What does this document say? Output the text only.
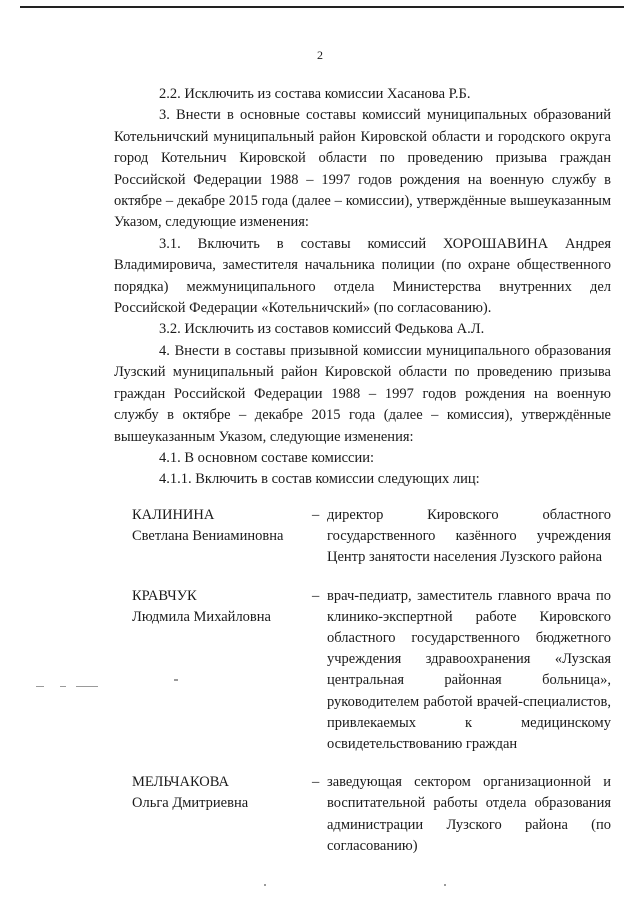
2

2.2. Исключить из состава комиссии Хасанова Р.Б.

3. Внести в основные составы комиссий муниципальных образований Котельничский муниципальный район Кировской области и городского округа город Котельнич Кировской области по проведению призыва граждан Российской Федерации 1988 – 1997 годов рождения на военную службу в октябре – декабре 2015 года (далее – комиссии), утверждённые вышеуказанным Указом, следующие изменения:

3.1. Включить в составы комиссий ХОРОШАВИНА Андрея Владимировича, заместителя начальника полиции (по охране общественного порядка) межмуниципального отдела Министерства внутренних дел Российской Федерации «Котельничский» (по согласованию).

3.2. Исключить из составов комиссий Федькова А.Л.

4. Внести в составы призывной комиссии муниципального образования Лузский муниципальный район Кировской области по проведению призыва граждан Российской Федерации 1988 – 1997 годов рождения на военную службу в октябре – декабре 2015 года (далее – комиссия), утверждённые вышеуказанным Указом, следующие изменения:

4.1. В основном составе комиссии:

4.1.1. Включить в состав комиссии следующих лиц:

КАЛИНИНА
Светлана Вениаминовна
– директор Кировского областного государственного казённого учреждения Центр занятости населения Лузского района
КРАВЧУК
Людмила Михайловна
– врач-педиатр, заместитель главного врача по клинико-экспертной работе Кировского областного государственного бюджетного учреждения здравоохранения «Лузская центральная районная больница», руководителем работой врачей-специалистов, привлекаемых к медицинскому освидетельствованию граждан
МЕЛЬЧАКОВА
Ольга Дмитриевна
– заведующая сектором организационной и воспитательной работы отдела образования администрации Лузского района (по согласованию)
